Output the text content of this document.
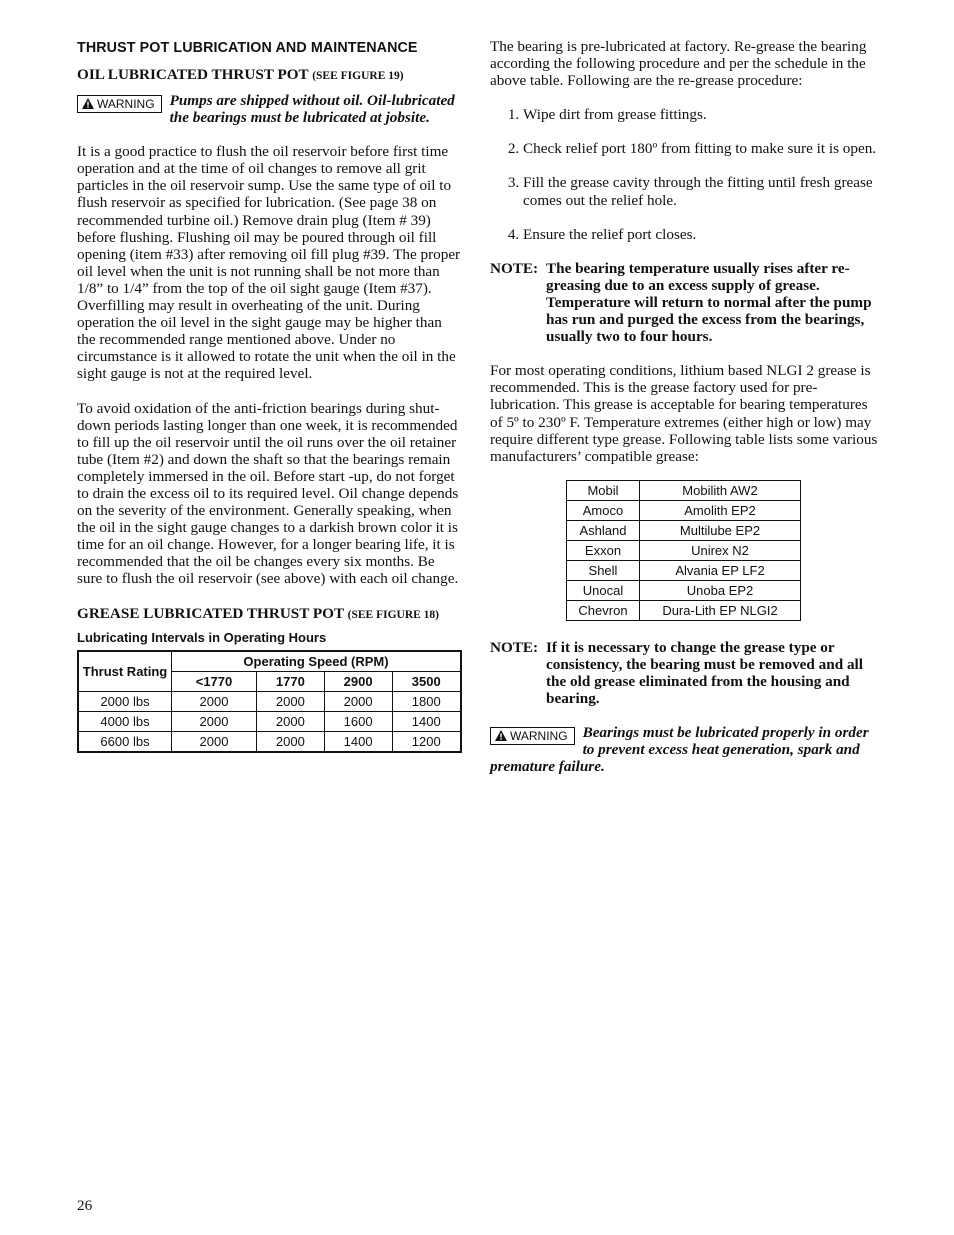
THRUST POT LUBRICATION AND MAINTENANCE
OIL LUBRICATED THRUST POT (SEE FIGURE 19)
WARNING Pumps are shipped without oil. Oil-lubricated the bearings must be lubricated at jobsite.

It is a good practice to flush the oil reservoir before first time operation and at the time of oil changes to remove all grit particles in the oil reservoir sump. Use the same type of oil to flush reservoir as specified for lubrication. (See page 38 on recommended turbine oil.) Remove drain plug (Item # 39) before flushing. Flushing oil may be poured through oil fill opening (item #33) after removing oil fill plug #39. The proper oil level when the unit is not running shall be not more than 1/8” to 1/4” from the top of the oil sight gauge (Item #37). Overfilling may result in overheating of the unit. During operation the oil level in the sight gauge may be higher than the recommended range mentioned above. Under no circumstance is it allowed to rotate the unit when the oil in the sight gauge is not at the required level.

To avoid oxidation of the anti-friction bearings during shut-down periods lasting longer than one week, it is recommended to fill up the oil reservoir until the oil runs over the oil retainer tube (Item #2) and down the shaft so that the bearings remain completely immersed in the oil. Before start -up, do not forget to drain the excess oil to its required level. Oil change depends on the severity of the environment. Generally speaking, when the oil in the sight gauge changes to a darkish brown color it is time for an oil change. However, for a longer bearing life, it is recommended that the oil be changes every six months. Be sure to flush the oil reservoir (see above) with each oil change.

GREASE LUBRICATED THRUST POT (SEE FIGURE 18)
Lubricating Intervals in Operating Hours
Thrust Rating	Operating Speed (RPM)			
	<1770	1770	2900	3500
2000 lbs	2000	2000	2000	1800
4000 lbs	2000	2000	1600	1400
6600 lbs	2000	2000	1400	1200

The bearing is pre-lubricated at factory. Re-grease the bearing according the following procedure and per the schedule in the above table. Following are the re-grease procedure:

1. Wipe dirt from grease fittings.
2. Check relief port 180º from fitting to make sure it is open.
3. Fill the grease cavity through the fitting until fresh grease comes out the relief hole.
4. Ensure the relief port closes.
NOTE: The bearing temperature usually rises after re-greasing due to an excess supply of grease. Temperature will return to normal after the pump has run and purged the excess from the bearings, usually two to four hours.

For most operating conditions, lithium based NLGI 2 grease is recommended. This is the grease factory used for pre-lubrication. This grease is acceptable for bearing temperatures of 5º to 230º F. Temperature extremes (either high or low) may require different type grease. Following table lists some various manufacturers’ compatible grease:

Mobil	Mobilith AW2
Amoco	Amolith EP2
Ashland	Multilube EP2
Exxon	Unirex N2
Shell	Alvania EP LF2
Unocal	Unoba EP2
Chevron	Dura-Lith EP NLGI2
NOTE: If it is necessary to change the grease type or consistency, the bearing must be removed and all the old grease eliminated from the housing and bearing.
WARNING Bearings must be lubricated properly in order to prevent excess heat generation, spark and premature failure.
26
